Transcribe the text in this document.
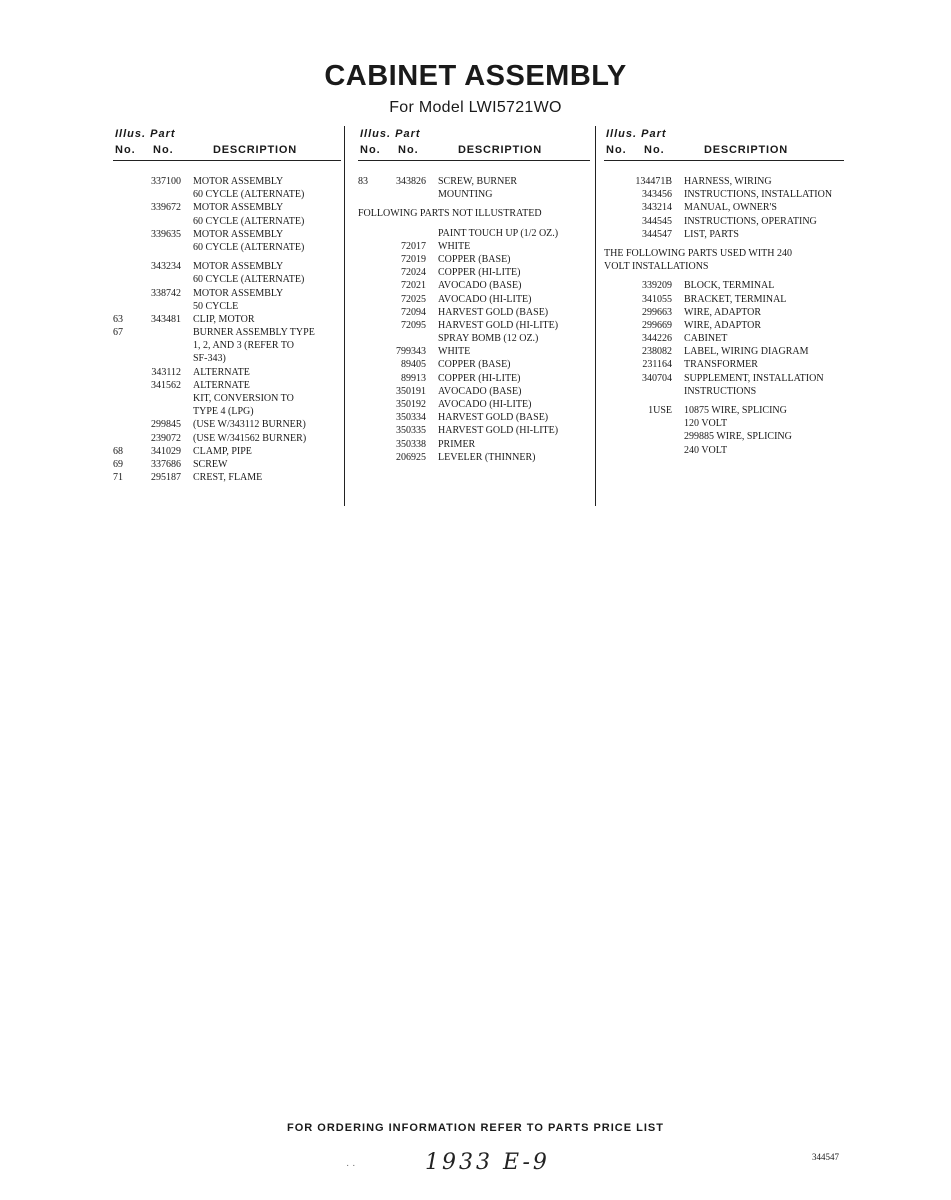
CABINET ASSEMBLY
For Model LWI5721WO
Illus. Part
No. No.	DESCRIPTION
337100 MOTOR ASSEMBLY
60 CYCLE (ALTERNATE)
339672 MOTOR ASSEMBLY
60 CYCLE (ALTERNATE)
339635 MOTOR ASSEMBLY
60 CYCLE (ALTERNATE)
343234 MOTOR ASSEMBLY
60 CYCLE (ALTERNATE)
338742 MOTOR ASSEMBLY
50 CYCLE
63	343481 CLIP, MOTOR
67	BURNER ASSEMBLY TYPE
1, 2, AND 3 (REFER TO
SF-343)
343112 ALTERNATE
341562 ALTERNATE
KIT, CONVERSION TO
TYPE 4 (LPG)
299845 (USE W/343112 BURNER)
239072 (USE W/341562 BURNER)
68	341029 CLAMP, PIPE
69	337686 SCREW
71	295187 CREST, FLAME
Illus. Part
No. No.	DESCRIPTION
83	343826 SCREW, BURNER
MOUNTING
FOLLOWING PARTS NOT ILLUSTRATED
PAINT TOUCH UP (1/2 OZ.)
72017 WHITE
72019 COPPER (BASE)
72024 COPPER (HI-LITE)
72021 AVOCADO (BASE)
72025 AVOCADO (HI-LITE)
72094 HARVEST GOLD (BASE)
72095 HARVEST GOLD (HI-LITE)
SPRAY BOMB (12 OZ.)
799343 WHITE
89405 COPPER (BASE)
89913 COPPER (HI-LITE)
350191 AVOCADO (BASE)
350192 AVOCADO (HI-LITE)
350334 HARVEST GOLD (BASE)
350335 HARVEST GOLD (HI-LITE)
350338 PRIMER
206925 LEVELER (THINNER)
Illus. Part
No. No.	DESCRIPTION
134471B HARNESS, WIRING
343456 INSTRUCTIONS, INSTALLATION
343214 MANUAL, OWNER'S
344545 INSTRUCTIONS, OPERATING
344547 LIST, PARTS
THE FOLLOWING PARTS USED WITH 240
VOLT INSTALLATIONS
339209 BLOCK, TERMINAL
341055 BRACKET, TERMINAL
299663 WIRE, ADAPTOR
299669 WIRE, ADAPTOR
344226 CABINET
238082 LABEL, WIRING DIAGRAM
231164 TRANSFORMER
340704 SUPPLEMENT, INSTALLATION
INSTRUCTIONS
1USE 10875 WIRE, SPLICING
120 VOLT
299885 WIRE, SPLICING
240 VOLT
FOR ORDERING INFORMATION REFER TO PARTS PRICE LIST
· ·	1933 E-9	344547
